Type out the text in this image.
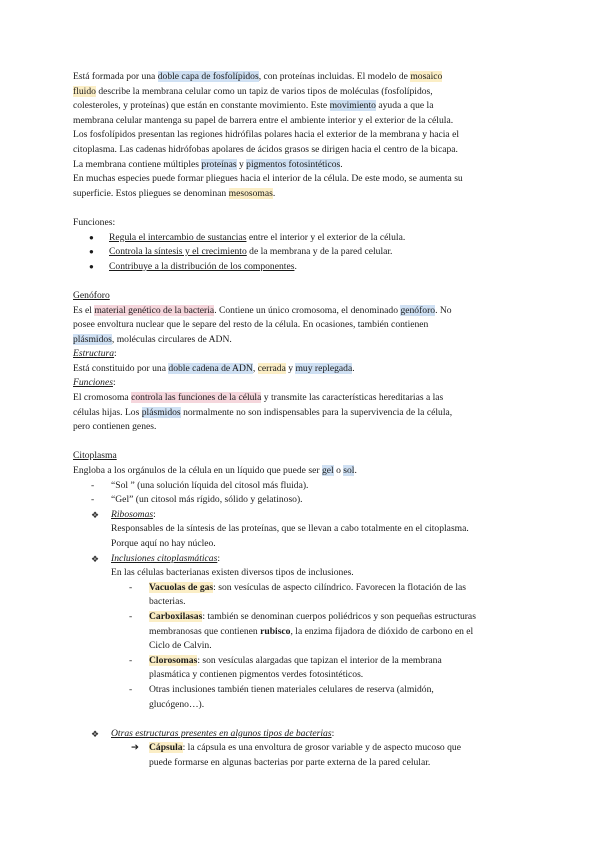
Está formada por una doble capa de fosfolípidos, con proteínas incluidas. El modelo de mosaico

fluido describe la membrana celular como un tapiz de varios tipos de moléculas (fosfolípidos,

colesteroles, y proteínas) que están en constante movimiento. Este movimiento ayuda a que la

membrana celular mantenga su papel de barrera entre el ambiente interior y el exterior de la célula.

Los fosfolípidos presentan las regiones hidrófilas polares hacia el exterior de la membrana y hacia el

citoplasma. Las cadenas hidrófobas apolares de ácidos grasos se dirigen hacia el centro de la bicapa.

La membrana contiene múltiples proteínas y pigmentos fotosintéticos.

En muchas especies puede formar pliegues hacia el interior de la célula. De este modo, se aumenta su

superficie. Estos pliegues se denominan mesosomas.

Funciones:

● Regula el intercambio de sustancias entre el interior y el exterior de la célula.
● Controla la síntesis y el crecimiento de la membrana y de la pared celular.
● Contribuye a la distribución de los componentes.

Genóforo

Es el material genético de la bacteria. Contiene un único cromosoma, el denominado genóforo. No

posee envoltura nuclear que le separe del resto de la célula. En ocasiones, también contienen

plásmidos, moléculas circulares de ADN.

Estructura:

Está constituido por una doble cadena de ADN, cerrada y muy replegada.

Funciones:

El cromosoma controla las funciones de la célula y transmite las características hereditarias a las

células hijas. Los plásmidos normalmente no son indispensables para la supervivencia de la célula,

pero contienen genes.

Citoplasma

Engloba a los orgánulos de la célula en un líquido que puede ser gel o sol.

- “Sol ” (una solución líquida del citosol más fluida).

- “Gel” (un citosol más rígido, sólido y gelatinoso).

❖ Ribosomas:

Responsables de la síntesis de las proteínas, que se llevan a cabo totalmente en el citoplasma.

Porque aquí no hay núcleo.

❖ Inclusiones citoplasmáticas:

En las células bacterianas existen diversos tipos de inclusiones.

- Vacuolas de gas: son vesículas de aspecto cilíndrico. Favorecen la flotación de las
bacterias.
- Carboxilasas: también se denominan cuerpos poliédricos y son pequeñas estructuras
membranosas que contienen rubisco, la enzima fijadora de dióxido de carbono en el
Ciclo de Calvin.
- Clorosomas: son vesículas alargadas que tapizan el interior de la membrana
plasmática y contienen pigmentos verdes fotosintéticos.
- Otras inclusiones también tienen materiales celulares de reserva (almidón,
glucógeno…).

❖ Otras estructuras presentes en algunos tipos de bacterias:

➔ Cápsula: la cápsula es una envoltura de grosor variable y de aspecto mucoso que
puede formarse en algunas bacterias por parte externa de la pared celular.
